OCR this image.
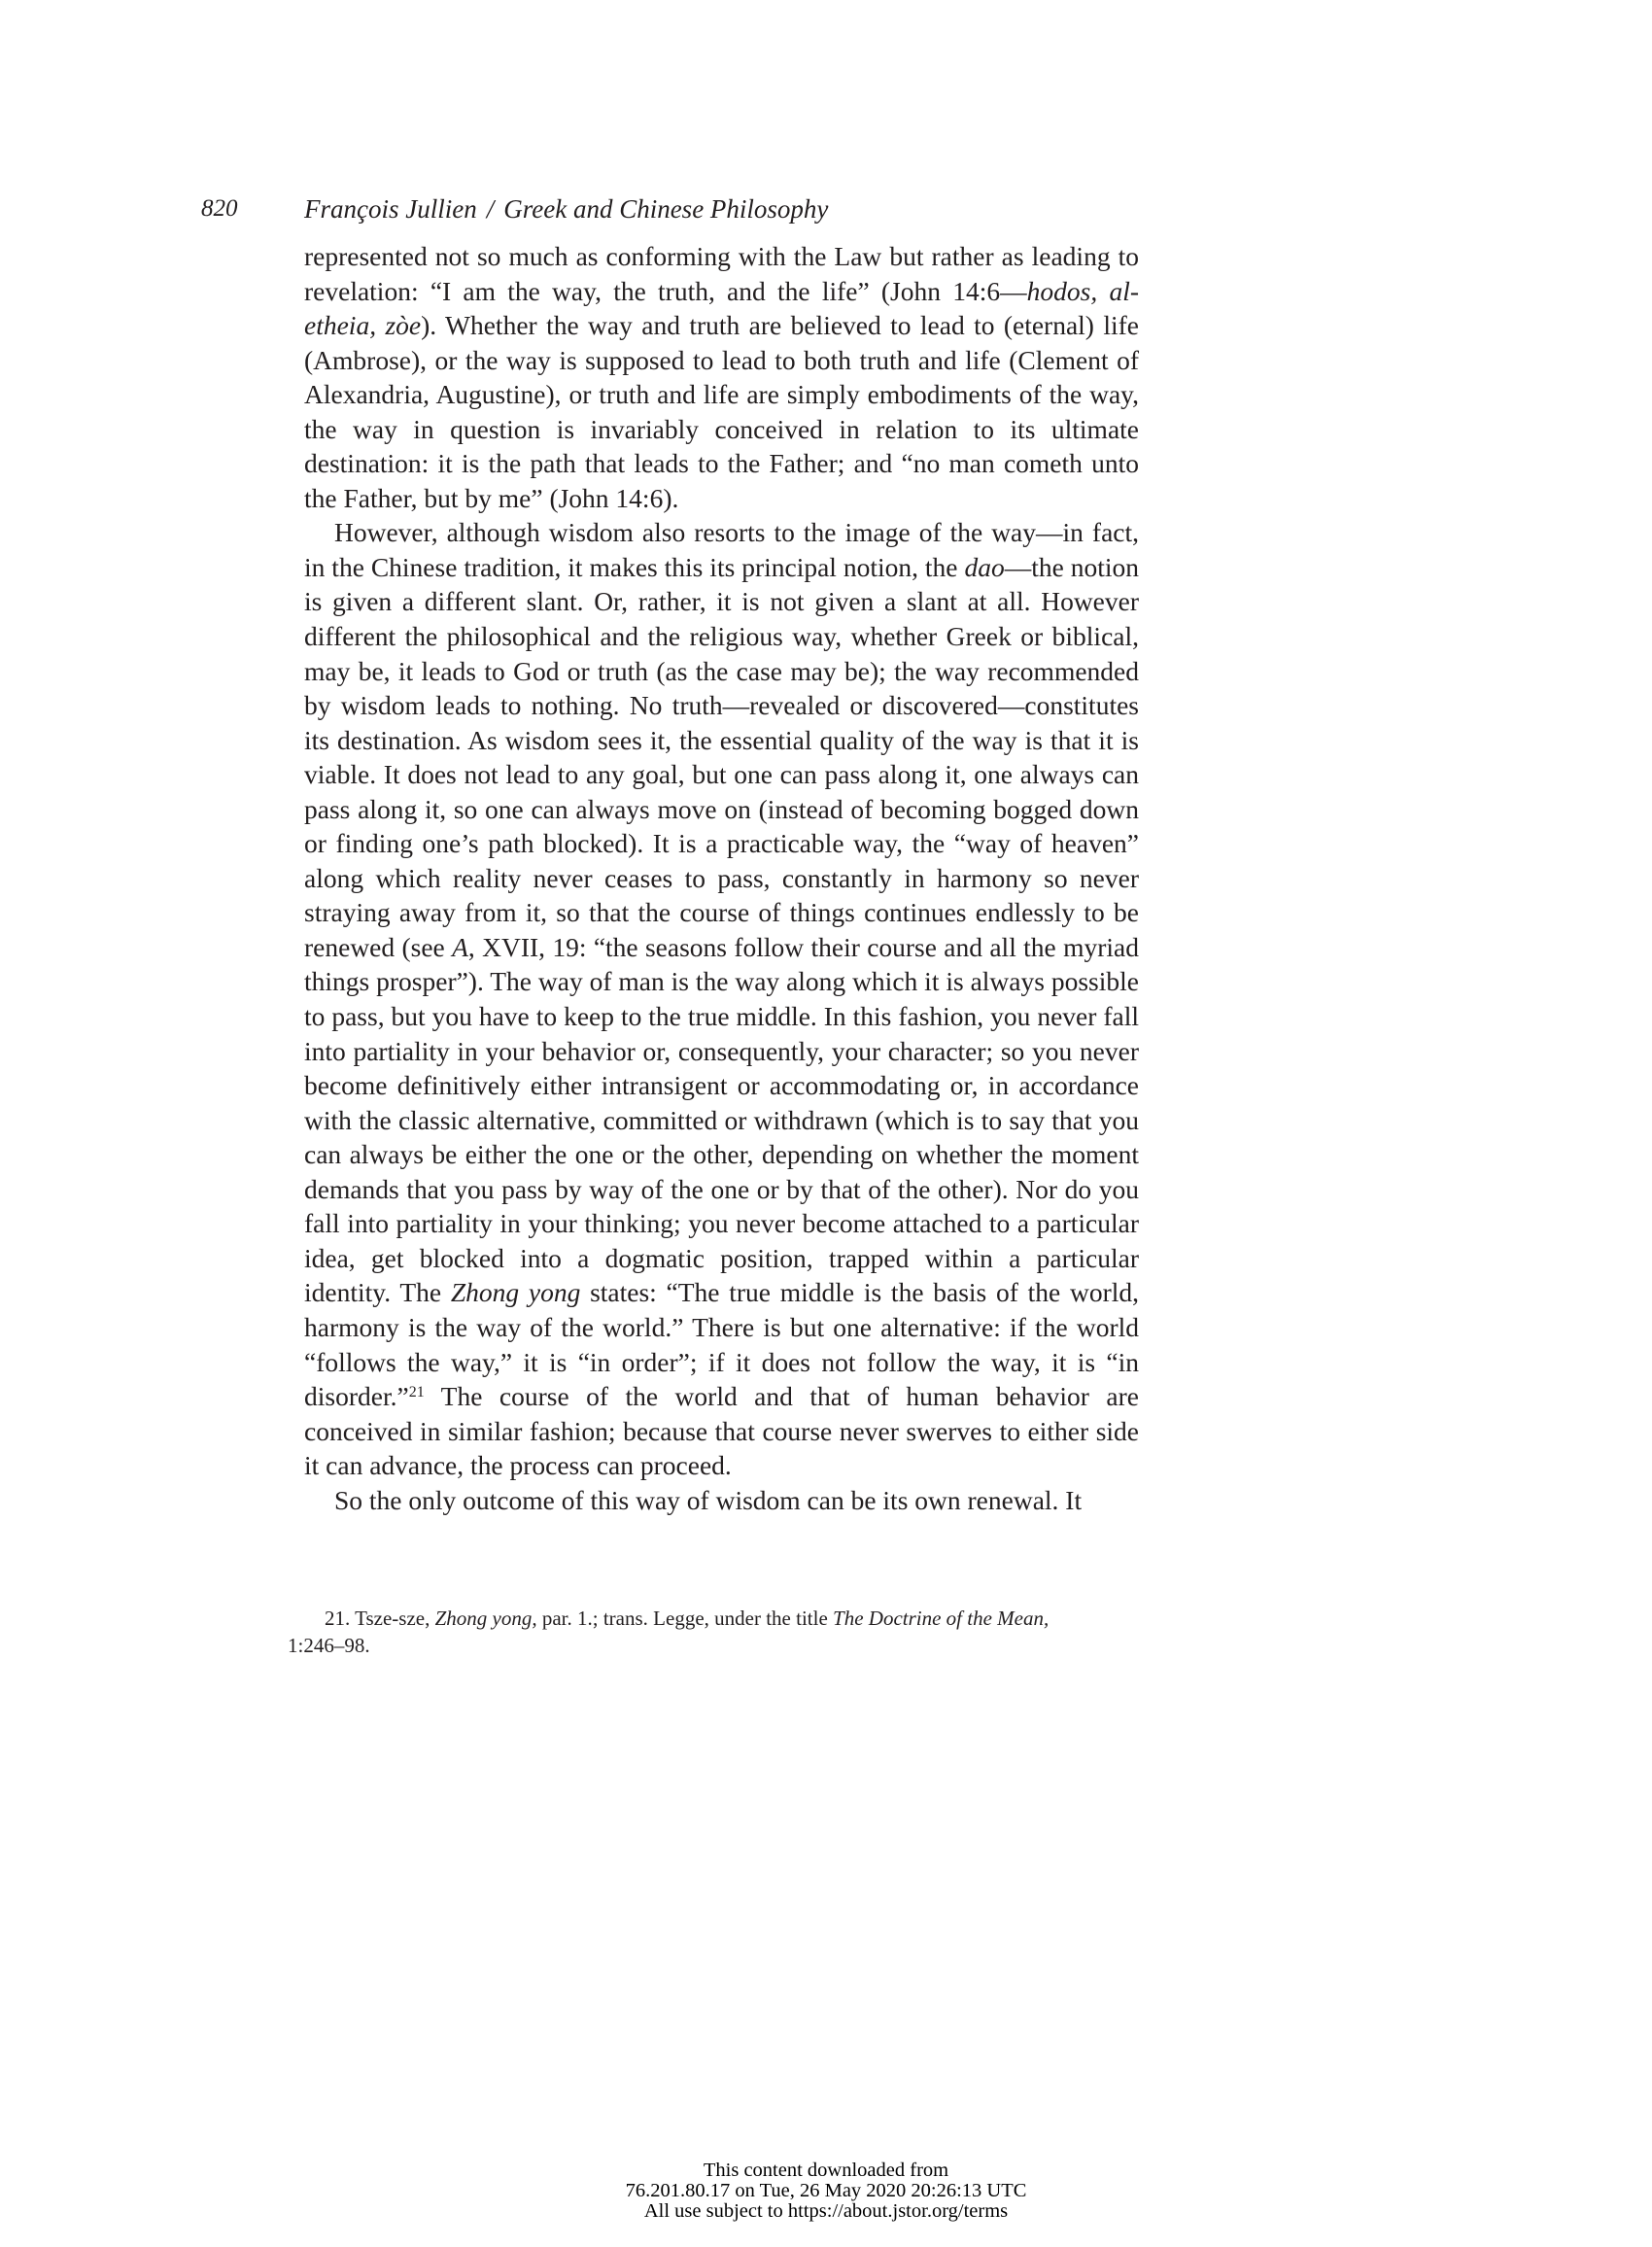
820	François Jullien / Greek and Chinese Philosophy

represented not so much as conforming with the Law but rather as leading to revelation: “I am the way, the truth, and the life” (John 14:6—hodos, aletheia, zòe). Whether the way and truth are believed to lead to (eternal) life (Ambrose), or the way is supposed to lead to both truth and life (Clement of Alexandria, Augustine), or truth and life are simply embodiments of the way, the way in question is invariably conceived in relation to its ultimate destination: it is the path that leads to the Father; and “no man cometh unto the Father, but by me” (John 14:6).

However, although wisdom also resorts to the image of the way—in fact, in the Chinese tradition, it makes this its principal notion, the dao—the notion is given a different slant. Or, rather, it is not given a slant at all. However different the philosophical and the religious way, whether Greek or biblical, may be, it leads to God or truth (as the case may be); the way recommended by wisdom leads to nothing. No truth—revealed or discovered—constitutes its destination. As wisdom sees it, the essential quality of the way is that it is viable. It does not lead to any goal, but one can pass along it, one always can pass along it, so one can always move on (instead of becoming bogged down or finding one’s path blocked). It is a practicable way, the “way of heaven” along which reality never ceases to pass, constantly in harmony so never straying away from it, so that the course of things continues endlessly to be renewed (see A, XVII, 19: “the seasons follow their course and all the myriad things prosper”). The way of man is the way along which it is always possible to pass, but you have to keep to the true middle. In this fashion, you never fall into partiality in your behavior or, consequently, your character; so you never become definitively either intransigent or accommodating or, in accordance with the classic alternative, committed or withdrawn (which is to say that you can always be either the one or the other, depending on whether the moment demands that you pass by way of the one or by that of the other). Nor do you fall into partiality in your thinking; you never become attached to a particular idea, get blocked into a dogmatic position, trapped within a particular identity. The Zhong yong states: “The true middle is the basis of the world, harmony is the way of the world.” There is but one alternative: if the world “follows the way,” it is “in order”; if it does not follow the way, it is “in disorder.”$^{21}$ The course of the world and that of human behavior are conceived in similar fashion; because that course never swerves to either side it can advance, the process can proceed.

So the only outcome of this way of wisdom can be its own renewal. It

21. Tsze-sze, Zhong yong, par. 1.; trans. Legge, under the title The Doctrine of the Mean, 1:246–98.
This content downloaded from
76.201.80.17 on Tue, 26 May 2020 20:26:13 UTC
All use subject to https://about.jstor.org/terms
